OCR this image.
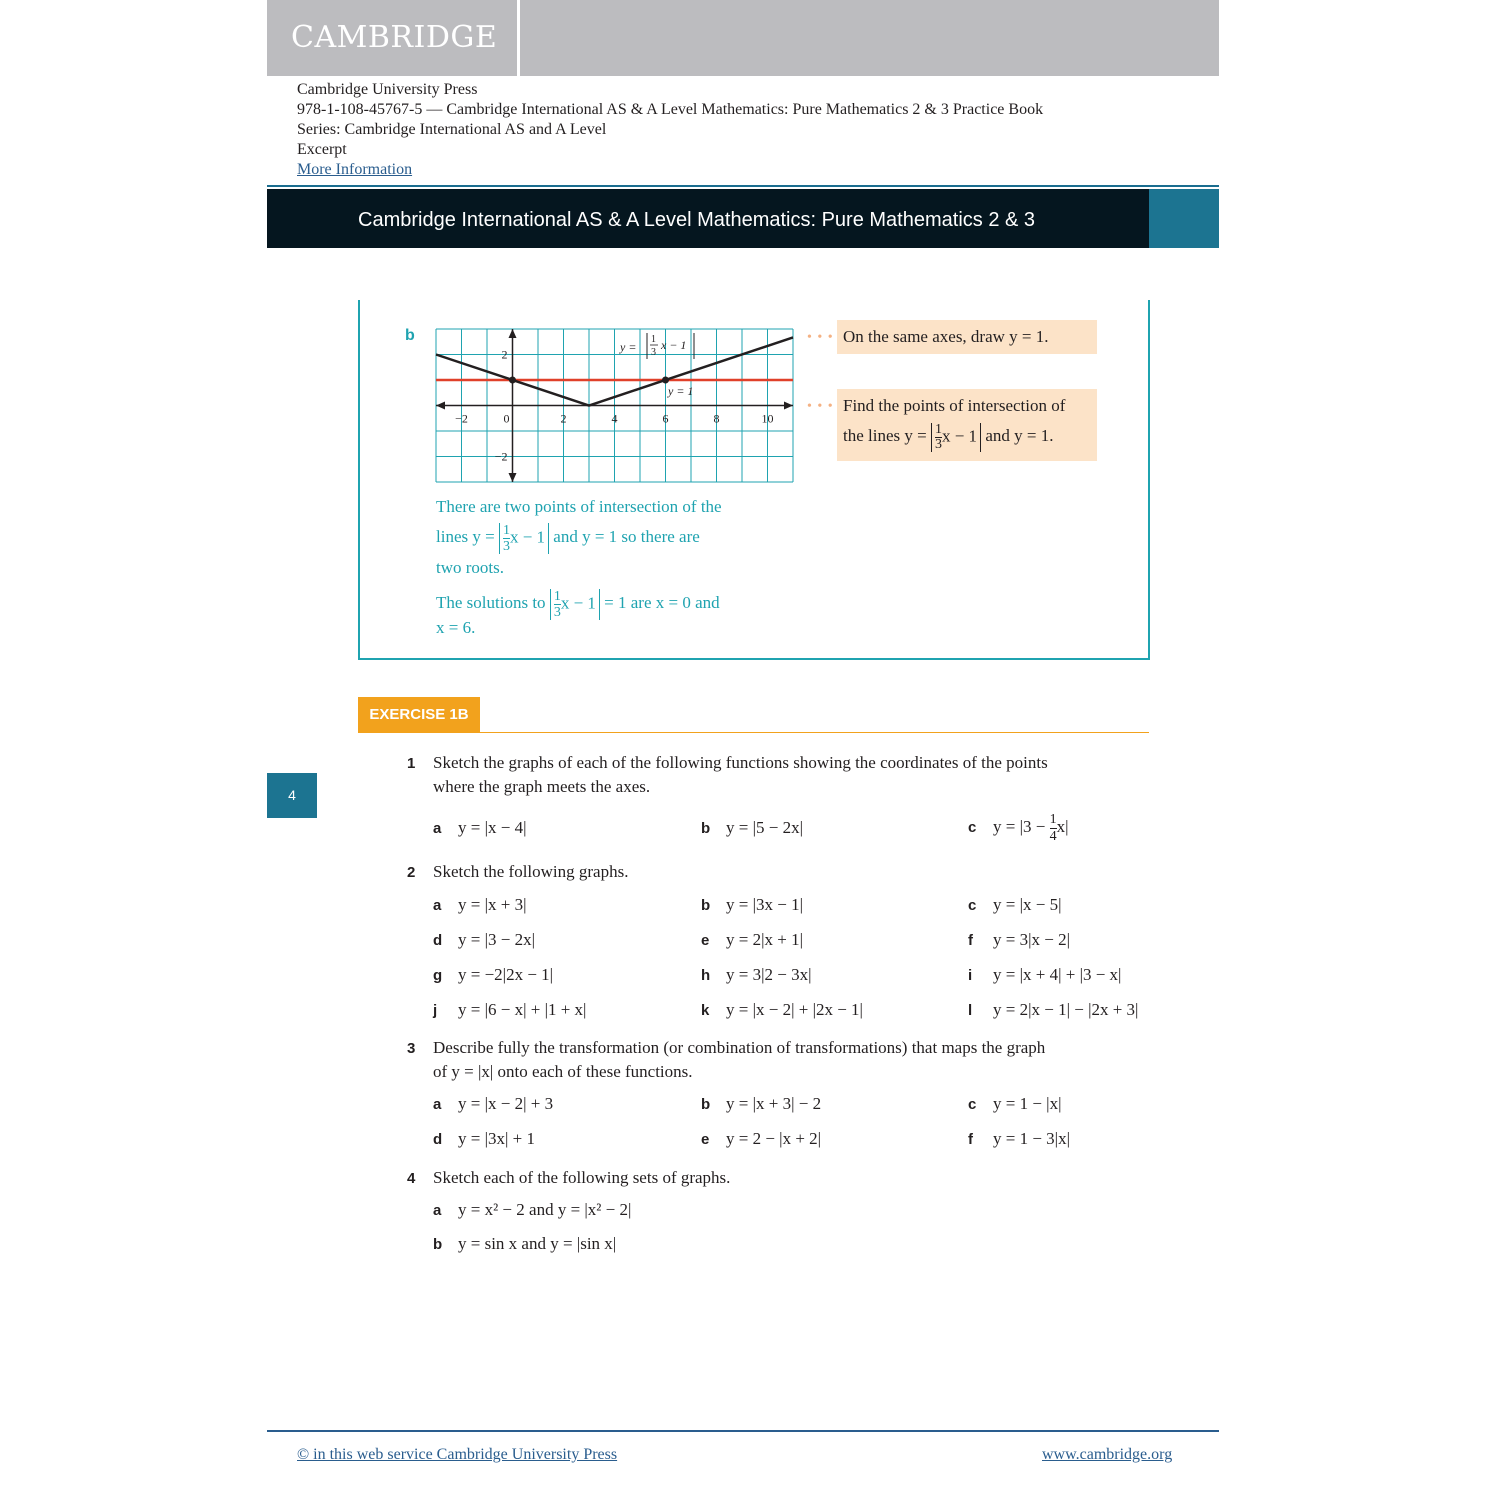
CAMBRIDGE
Cambridge University Press
978-1-108-45767-5 — Cambridge International AS & A Level Mathematics: Pure Mathematics 2 & 3 Practice Book
Series: Cambridge International AS and A Level
Excerpt
More Information
Cambridge International AS & A Level Mathematics: Pure Mathematics 2 & 3
b
−2	0	2	4	6	8	10
2
−2
y =
1
3
x − 1
y = 1
• • • On the same axes, draw y = 1.
• • • Find the points of intersection of
the lines $y = \frac{1}{3}$ x − 1 and y = 1.
There are two points of intersection of the
lines $y = \frac{1}{3}$ x − 1 and y = 1 so there are
two roots.
The solutions to $\frac{1}{3}$ x − 1 = 1 are x = 0 and
x = 6.
EXERCISE 1B
4
1 Sketch the graphs of each of the following functions showing the coordinates of the points
where the graph meets the axes.
a y = |x − 4|	b y = |5 − 2x|	c $y = |3 - \frac{1}{4} x|$
2 Sketch the following graphs.
a y = |x + 3|	b y = |3x − 1|	c y = |x − 5|
d y = |3 − 2x|	e y = 2|x + 1|	f y = 3|x − 2|
g y = −2|2x − 1|	h y = 3|2 − 3x|	i y = |x + 4| + |3 − x|
j y = |6 − x| + |1 + x|	k y = |x − 2| + |2x − 1|	l y = 2|x − 1| − |2x + 3|
3 Describe fully the transformation (or combination of transformations) that maps the graph
of y = |x| onto each of these functions.
a y = |x − 2| + 3	b y = |x + 3| − 2	c y = 1 − |x|
d y = |3x| + 1	e y = 2 − |x + 2|	f y = 1 − 3|x|
4 Sketch each of the following sets of graphs.
a y = x² − 2 and y = |x² − 2|
b y = sin x and y = |sin x|
© in this web service Cambridge University Press	www.cambridge.org
